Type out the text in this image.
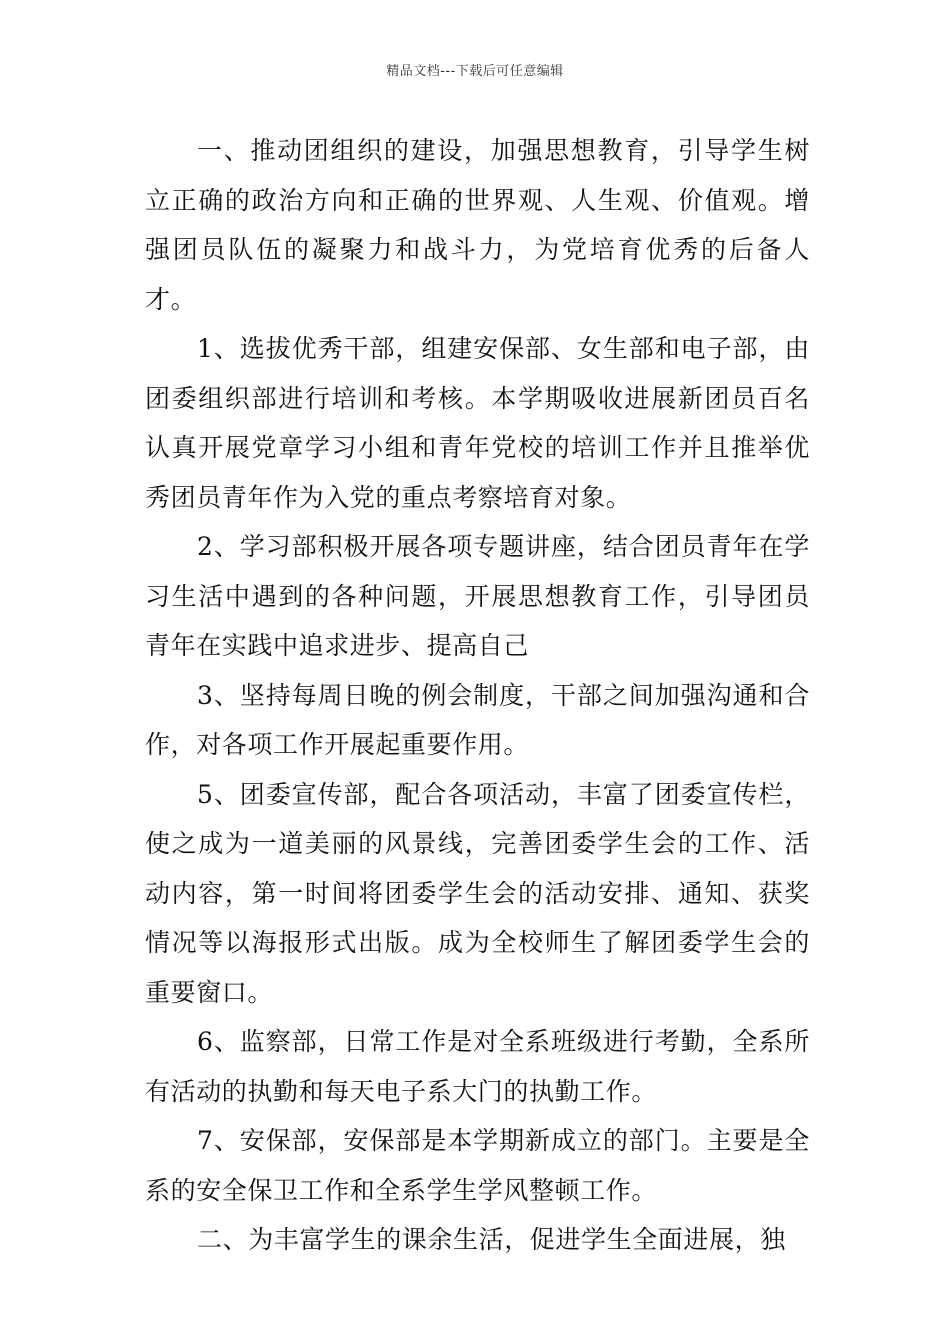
精品文档---下载后可任意编辑

一、推动团组织的建设，加强思想教育，引导学生树立正确的政治方向和正确的世界观、人生观、价值观。增强团员队伍的凝聚力和战斗力，为党培育优秀的后备人才。

1、选拔优秀干部，组建安保部、女生部和电子部，由团委组织部进行培训和考核。本学期吸收进展新团员百名认真开展党章学习小组和青年党校的培训工作并且推举优秀团员青年作为入党的重点考察培育对象。

2、学习部积极开展各项专题讲座，结合团员青年在学习生活中遇到的各种问题，开展思想教育工作，引导团员青年在实践中追求进步、提高自己

3、坚持每周日晚的例会制度，干部之间加强沟通和合作，对各项工作开展起重要作用。

5、团委宣传部，配合各项活动，丰富了团委宣传栏，使之成为一道美丽的风景线，完善团委学生会的工作、活动内容，第一时间将团委学生会的活动安排、通知、获奖情况等以海报形式出版。成为全校师生了解团委学生会的重要窗口。

6、监察部，日常工作是对全系班级进行考勤，全系所有活动的执勤和每天电子系大门的执勤工作。

7、安保部，安保部是本学期新成立的部门。主要是全系的安全保卫工作和全系学生学风整顿工作。

二、为丰富学生的课余生活，促进学生全面进展，独
